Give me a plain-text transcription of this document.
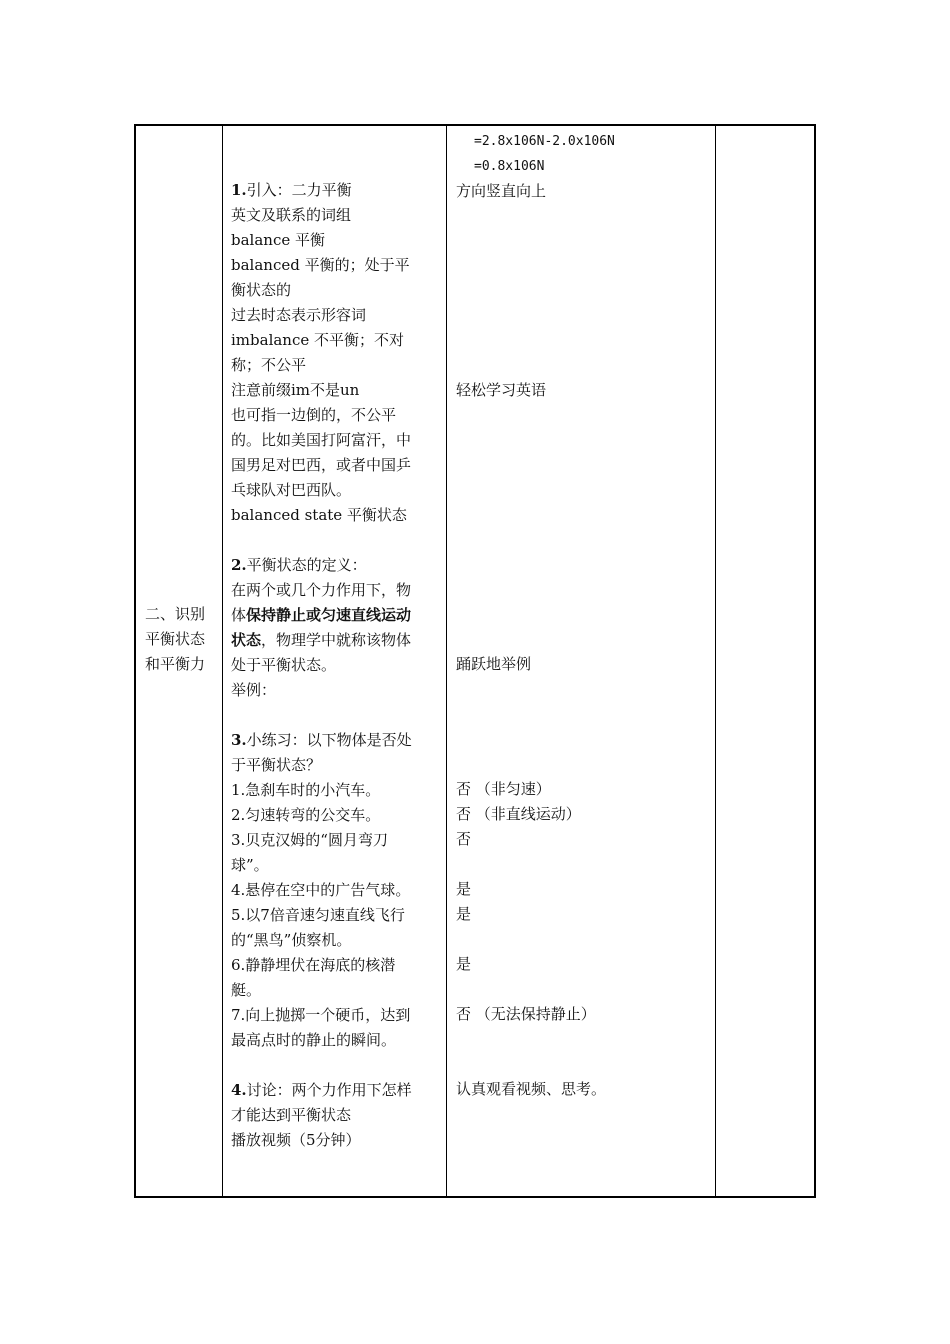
二、识别
平衡状态
和平衡力
1.引入：二力平衡
英文及联系的词组
balance 平衡
balanced 平衡的；处于平
衡状态的
过去时态表示形容词
imbalance 不平衡；不对
称；不公平
注意前缀im不是un
也可指一边倒的，不公平
的。比如美国打阿富汗，中
国男足对巴西，或者中国乒
乓球队对巴西队。
balanced state 平衡状态
2.平衡状态的定义：
在两个或几个力作用下，物
体保持静止或匀速直线运动
状态，物理学中就称该物体
处于平衡状态。
举例：
3.小练习：以下物体是否处
于平衡状态？
1.急刹车时的小汽车。
2.匀速转弯的公交车。
3.贝克汉姆的“圆月弯刀
球”。
4.悬停在空中的广告气球。
5.以7倍音速匀速直线飞行
的“黑鸟”侦察机。
6.静静埋伏在海底的核潜
艇。
7.向上抛掷一个硬币，达到
最高点时的静止的瞬间。
4.讨论：两个力作用下怎样
才能达到平衡状态
播放视频（5分钟）
=2.8x106N-2.0x106N
=0.8x106N
方向竖直向上
轻松学习英语
踊跃地举例
否 （非匀速）
否 （非直线运动）
否
是
是
是
否 （无法保持静止）
认真观看视频、思考。
